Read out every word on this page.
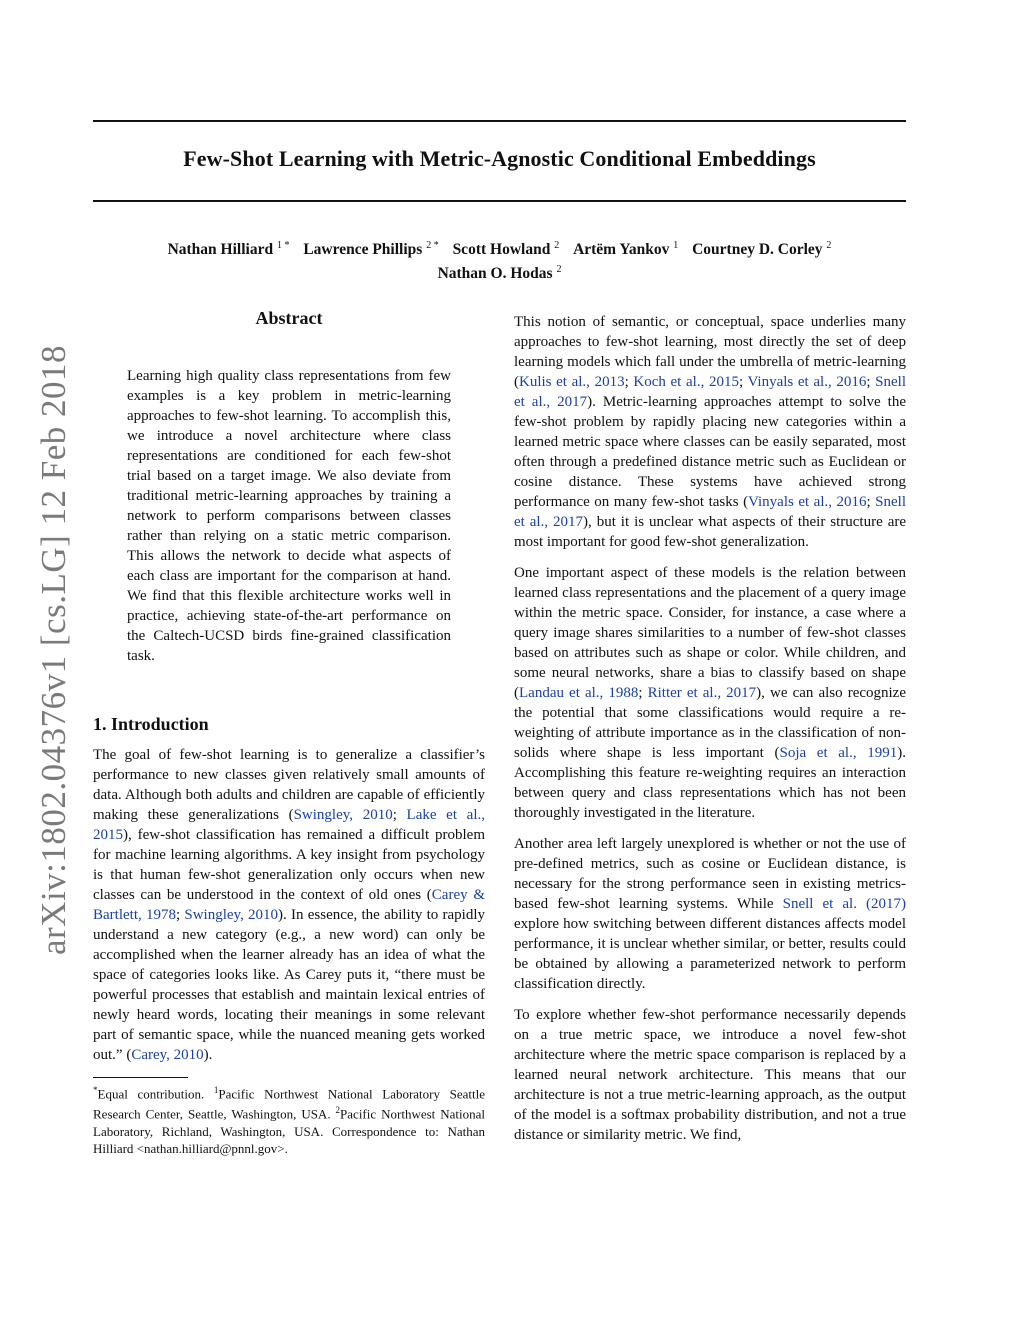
Few-Shot Learning with Metric-Agnostic Conditional Embeddings
Nathan Hilliard $^{1 *}$ Lawrence Phillips $^{2 *}$ Scott Howland $^2$ Artëm Yankov $^1$ Courtney D. Corley $^2$
Nathan O. Hodas $^2$
arXiv:1802.04376v1 [cs.LG] 12 Feb 2018
Abstract

Learning high quality class representations from few examples is a key problem in metric-learning approaches to few-shot learning. To accomplish this, we introduce a novel architecture where class representations are conditioned for each few-shot trial based on a target image. We also deviate from traditional metric-learning approaches by training a network to perform comparisons between classes rather than relying on a static metric comparison. This allows the network to decide what aspects of each class are important for the comparison at hand. We find that this flexible architecture works well in practice, achieving state-of-the-art performance on the Caltech-UCSD birds fine-grained classification task.

1. Introduction

The goal of few-shot learning is to generalize a classifier’s performance to new classes given relatively small amounts of data. Although both adults and children are capable of efficiently making these generalizations (Swingley, 2010; Lake et al., 2015), few-shot classification has remained a difficult problem for machine learning algorithms. A key insight from psychology is that human few-shot generalization only occurs when new classes can be understood in the context of old ones (Carey & Bartlett, 1978; Swingley, 2010). In essence, the ability to rapidly understand a new category (e.g., a new word) can only be accomplished when the learner already has an idea of what the space of categories looks like. As Carey puts it, “there must be powerful processes that establish and maintain lexical entries of newly heard words, locating their meanings in some relevant part of semantic space, while the nuanced meaning gets worked out.” (Carey, 2010).

*Equal contribution. $^1$Pacific Northwest National Laboratory Seattle Research Center, Seattle, Washington, USA. $^2$Pacific Northwest National Laboratory, Richland, Washington, USA. Correspondence to: Nathan Hilliard <nathan.hilliard@pnnl.gov>.

This notion of semantic, or conceptual, space underlies many approaches to few-shot learning, most directly the set of deep learning models which fall under the umbrella of metric-learning (Kulis et al., 2013; Koch et al., 2015; Vinyals et al., 2016; Snell et al., 2017). Metric-learning approaches attempt to solve the few-shot problem by rapidly placing new categories within a learned metric space where classes can be easily separated, most often through a predefined distance metric such as Euclidean or cosine distance. These systems have achieved strong performance on many few-shot tasks (Vinyals et al., 2016; Snell et al., 2017), but it is unclear what aspects of their structure are most important for good few-shot generalization.

One important aspect of these models is the relation between learned class representations and the placement of a query image within the metric space. Consider, for instance, a case where a query image shares similarities to a number of few-shot classes based on attributes such as shape or color. While children, and some neural networks, share a bias to classify based on shape (Landau et al., 1988; Ritter et al., 2017), we can also recognize the potential that some classifications would require a re-weighting of attribute importance as in the classification of non-solids where shape is less important (Soja et al., 1991). Accomplishing this feature re-weighting requires an interaction between query and class representations which has not been thoroughly investigated in the literature.

Another area left largely unexplored is whether or not the use of pre-defined metrics, such as cosine or Euclidean distance, is necessary for the strong performance seen in existing metrics-based few-shot learning systems. While Snell et al. (2017) explore how switching between different distances affects model performance, it is unclear whether similar, or better, results could be obtained by allowing a parameterized network to perform classification directly.

To explore whether few-shot performance necessarily depends on a true metric space, we introduce a novel few-shot architecture where the metric space comparison is replaced by a learned neural network architecture. This means that our architecture is not a true metric-learning approach, as the output of the model is a softmax probability distribution, and not a true distance or similarity metric. We find,
